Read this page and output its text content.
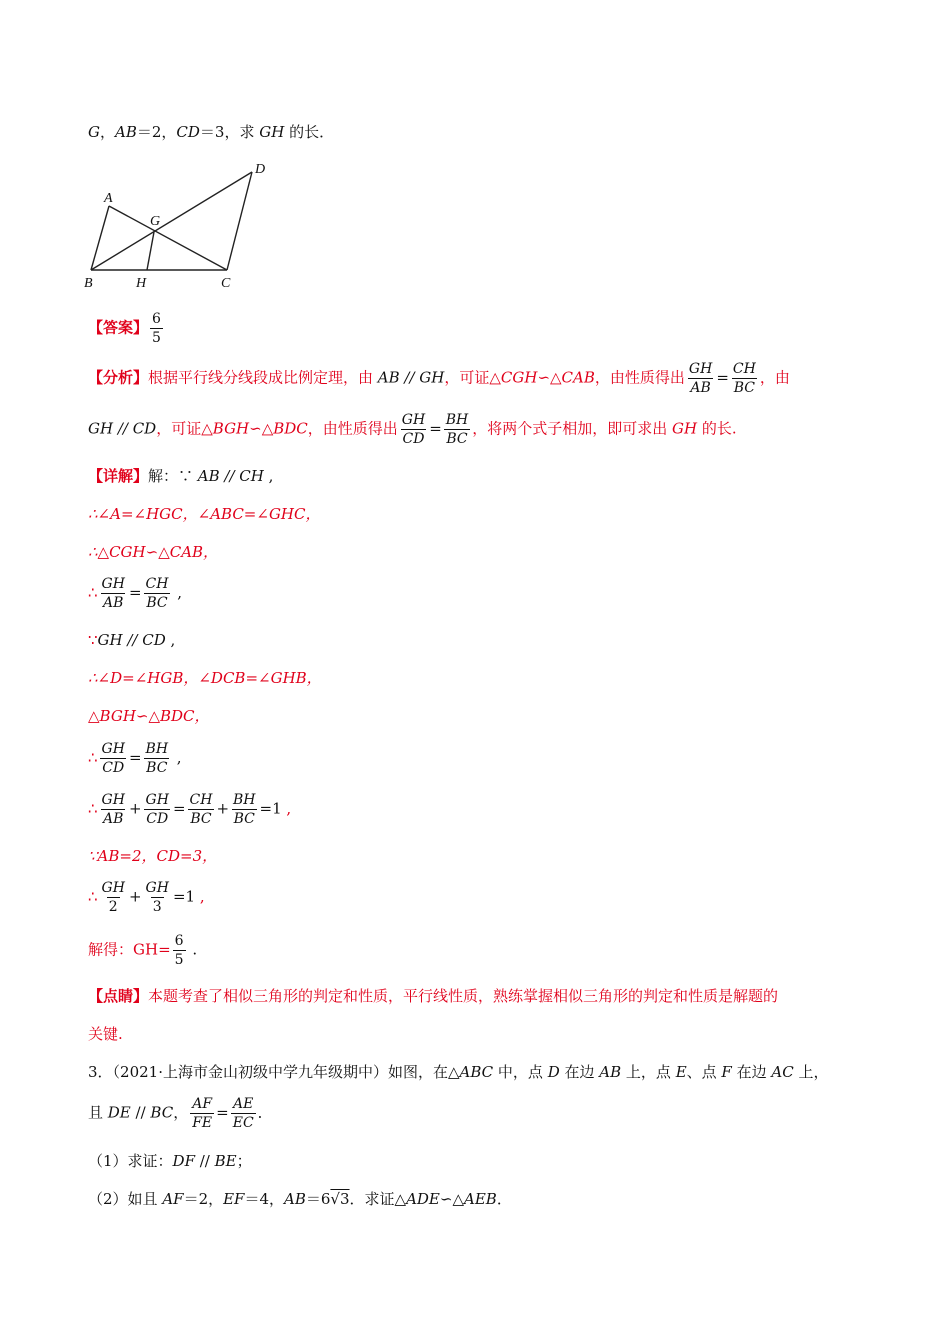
G，AB＝2，CD＝3，求 GH 的长．
A
B	C
D
G
H
【答案】 $\frac{6}{5}$
【分析】根据平行线分线段成比例定理，由 AB // GH，可证△CGH∽△CAB，由性质得出 $\frac{GH}{AB} = \frac{CH}{BC}$ ，由
GH // CD，可证△BGH∽△BDC，由性质得出 $\frac{GH}{CD} = \frac{BH}{BC}$ ，将两个式子相加，即可求出 GH 的长.
【详解】解：∵ AB // CH ,
∴∠A=∠HGC，∠ABC=∠GHC，
∴△CGH∽△CAB，
∴ $\frac{GH}{AB} = \frac{CH}{BC}$ ,
∵GH // CD ,
∴∠D=∠HGB，∠DCB=∠GHB，
△BGH∽△BDC，
∴ $\frac{GH}{CD} = \frac{BH}{BC}$ ,
∴ $\frac{GH}{AB} + \frac{GH}{CD} = \frac{CH}{BC} + \frac{BH}{BC} =1$ ,
∵AB=2，CD=3，
∴ $\frac{GH}{2} + \frac{GH}{3} =1$ ,
解得：$GH= \frac{6}{5}$ .
【点睛】本题考查了相似三角形的判定和性质，平行线性质，熟练掌握相似三角形的判定和性质是解题的
关键.
3．（2021·上海市金山初级中学九年级期中）如图，在△ABC 中，点 D 在边 AB 上，点 E、点 F 在边 AC 上，
且 DE // BC， $\frac{AF}{FE} = \frac{AE}{EC}$ ．
（1）求证：DF // BE；
（2）如且 AF＝2，EF＝4，AB＝6√3．求证△ADE∽△AEB．
